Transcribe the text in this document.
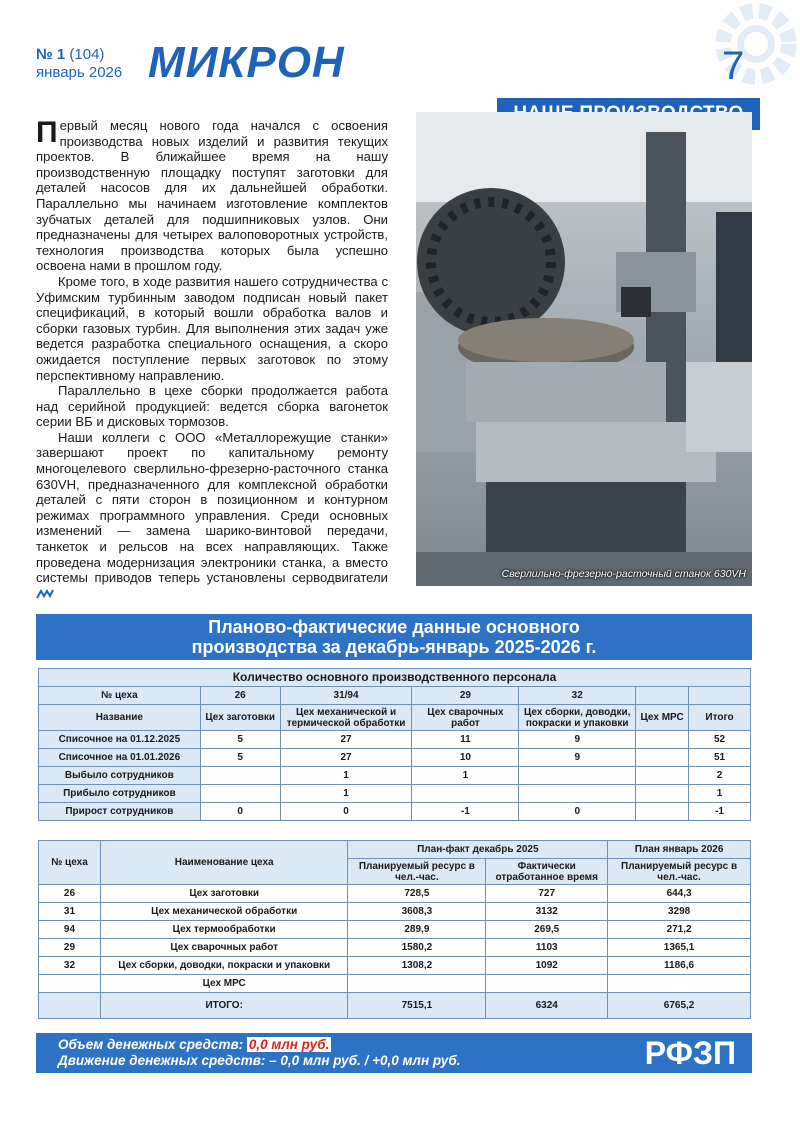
№ 1 (104)
январь 2026 МИКРОН	7

Первый месяц нового года начался с освоения производства новых изделий и развития текущих проектов. В ближайшее время на нашу производственную площадку поступят заготовки для деталей насосов для их дальнейшей обработки. Параллельно мы начинаем изготовление комплектов зубчатых деталей для подшипниковых узлов. Они предназначены для четырех валоповоротных устройств, технология производства которых была успешно освоена нами в прошлом году.

Кроме того, в ходе развития нашего сотрудничества с Уфимским турбинным заводом подписан новый пакет спецификаций, в который вошли обработка валов и сборки газовых турбин. Для выполнения этих задач уже ведется разработка специального оснащения, а скоро ожидается поступление первых заготовок по этому перспективному направлению.

Параллельно в цехе сборки продолжается работа над серийной продукцией: ведется сборка вагонеток серии ВБ и дисковых тормозов.

Наши коллеги с ООО «Металлорежущие станки» завершают проект по капитальному ремонту многоцелевого сверлильно-фрезерно-расточного станка 630VH, предназначенного для комплексной обработки деталей с пяти сторон в позиционном и контурном режимах программного управления. Среди основных изменений — замена шарико-винтовой передачи, танкеток и рельсов на всех направляющих. Также проведена модернизация электроники станка, а вместо системы приводов теперь установлены серводвигатели	Сверлильно-фрезерно-расточный станок 630VH
Планово-фактические данные основного
производства за декабрь-январь 2025-2026 г.
Количество основного производственного персонала						
№ цеха	26	31/94	29	32		
Название	Цех заготовки	Цех механической и термической обработки	Цех сварочных работ	Цех сборки, доводки, покраски и упаковки	Цех МРС	Итого
Списочное на 01.12.2025	5	27	11	9		52
Списочное на 01.01.2026	5	27	10	9		51
Выбыло сотрудников		1	1			2
Прибыло сотрудников		1				1
Прирост сотрудников	0	0	-1	0		-1
№ цеха	Наименование цеха	План-факт декабрь 2025		План январь 2026
		Планируемый ресурс в чел.-час.	Фактически отработанное время	Планируемый ресурс в чел.-час.
26	Цех заготовки	728,5	727	644,3
31	Цех механической обработки	3608,3	3132	3298
94	Цех термообработки	289,9	269,5	271,2
29	Цех сварочных работ	1580,2	1103	1365,1
32	Цех сборки, доводки, покраски и упаковки	1308,2	1092	1186,6
	Цех МРС			
	ИТОГО:	7515,1	6324	6765,2
Объем денежных средств: 0,0 млн руб.
Движение денежных средств: – 0,0 млн руб. / +0,0 млн руб.	РФЗП
